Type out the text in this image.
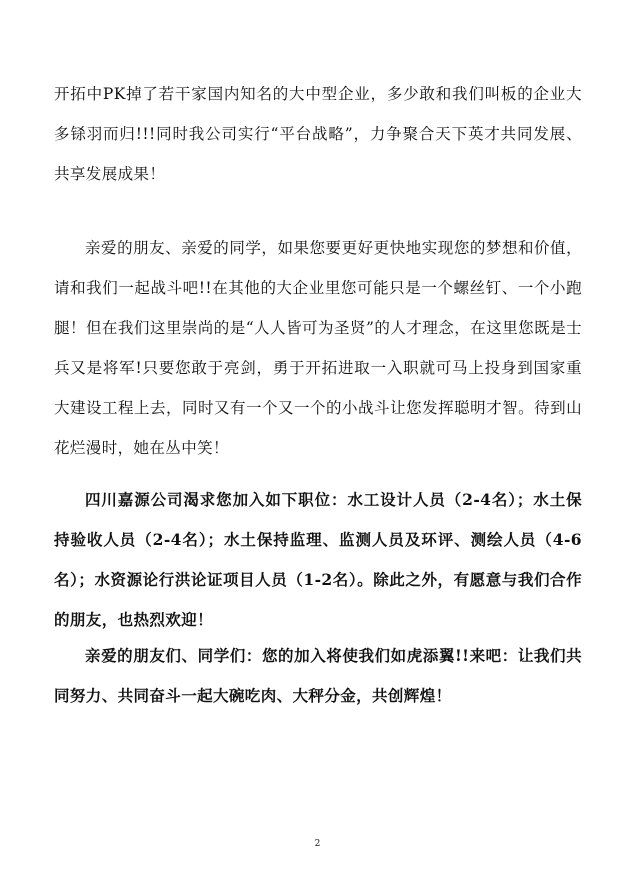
开拓中PK掉了若干家国内知名的大中型企业，多少敢和我们叫板的企业大多铩羽而归!!!同时我公司实行“平台战略”，力争聚合天下英才共同发展、共享发展成果！

亲爱的朋友、亲爱的同学，如果您要更好更快地实现您的梦想和价值，请和我们一起战斗吧!!在其他的大企业里您可能只是一个螺丝钉、一个小跑腿！但在我们这里崇尚的是“人人皆可为圣贤”的人才理念，在这里您既是士兵又是将军!只要您敢于亮剑，勇于开拓进取一入职就可马上投身到国家重大建设工程上去，同时又有一个又一个的小战斗让您发挥聪明才智。待到山花烂漫时，她在丛中笑！

四川嘉源公司渴求您加入如下职位：水工设计人员（2-4名）；水土保持验收人员（2-4名）；水土保持监理、监测人员及环评、测绘人员（4-6名）；水资源论行洪论证项目人员（1-2名）。除此之外，有愿意与我们合作的朋友，也热烈欢迎！

亲爱的朋友们、同学们：您的加入将使我们如虎添翼!!来吧：让我们共同努力、共同奋斗一起大碗吃肉、大秤分金，共创辉煌！

2
